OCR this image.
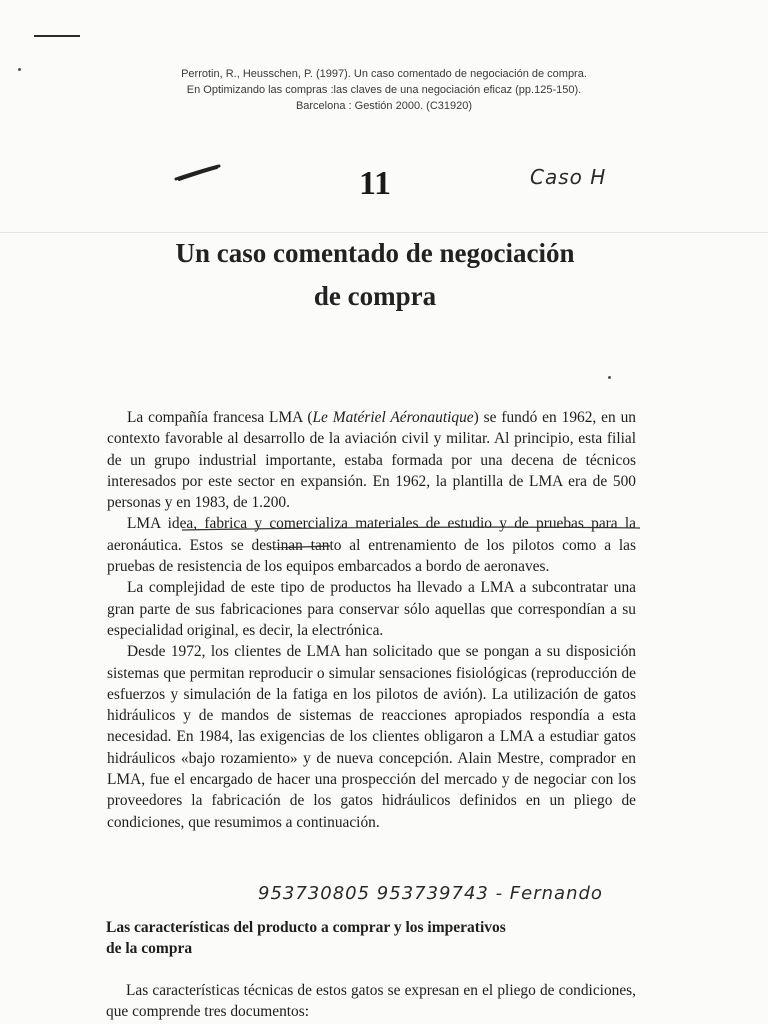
Perrotin, R., Heusschen, P. (1997). Un caso comentado de negociación de compra.
En Optimizando las compras :las claves de una negociación eficaz (pp.125-150).
Barcelona : Gestión 2000. (C31920)
11	Caso H
Un caso comentado de negociación
de compra

La compañía francesa LMA (Le Matériel Aéronautique) se fundó en 1962, en un contexto favorable al desarrollo de la aviación civil y militar. Al principio, esta filial de un grupo industrial importante, estaba formada por una decena de técnicos interesados por este sector en expansión. En 1962, la plantilla de LMA era de 500 personas y en 1983, de 1.200.

LMA idea, fabrica y comercializa materiales de estudio y de pruebas para la aeronáutica. Estos se destinan tanto al entrenamiento de los pilotos como a las pruebas de resistencia de los equipos embarcados a bordo de aeronaves.

La complejidad de este tipo de productos ha llevado a LMA a subcontratar una gran parte de sus fabricaciones para conservar sólo aquellas que correspondían a su especialidad original, es decir, la electrónica.

Desde 1972, los clientes de LMA han solicitado que se pongan a su disposición sistemas que permitan reproducir o simular sensaciones fisiológicas (reproducción de esfuerzos y simulación de la fatiga en los pilotos de avión). La utilización de gatos hidráulicos y de mandos de sistemas de reacciones apropiados respondía a esta necesidad. En 1984, las exigencias de los clientes obligaron a LMA a estudiar gatos hidráulicos «bajo rozamiento» y de nueva concepción. Alain Mestre, comprador en LMA, fue el encargado de hacer una prospección del mercado y de negociar con los proveedores la fabricación de los gatos hidráulicos definidos en un pliego de condiciones, que resumimos a continuación.

953730805 953739743 - Fernando
Las características del producto a comprar y los imperativos
de la compra

Las características técnicas de estos gatos se expresan en el pliego de condiciones, que comprende tres documentos:
